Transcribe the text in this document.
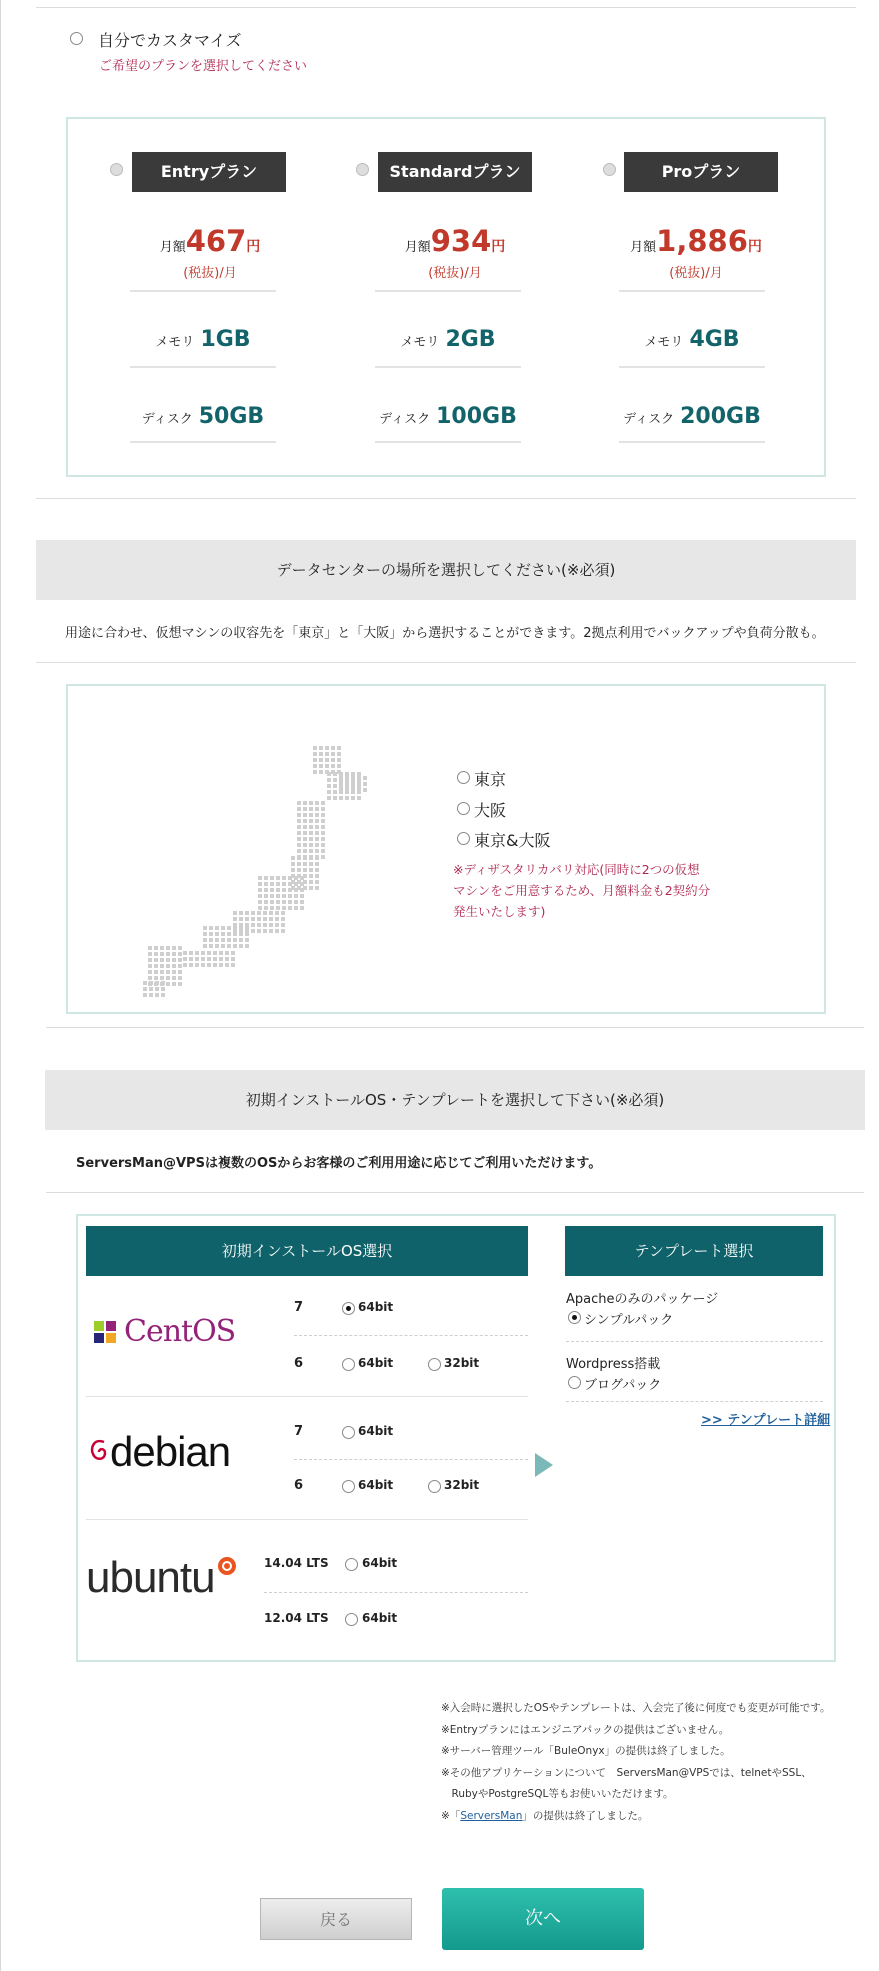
自分でカスタマイズ
ご希望のプランを選択してください
Entryプラン
月額467円
(税抜)/月
メモリ 1GB
ディスク 50GB
Standardプラン
月額934円
(税抜)/月
メモリ 2GB
ディスク 100GB
Proプラン
月額1,886円
(税抜)/月
メモリ 4GB
ディスク 200GB
データセンターの場所を選択してください(※必須)
用途に合わせ、仮想マシンの収容先を「東京」と「大阪」から選択することができます。2拠点利用でバックアップや負荷分散も。
東京
大阪
東京&大阪
※ディザスタリカバリ対応(同時に2つの仮想
マシンをご用意するため、月額料金も2契約分
発生いたします)
初期インストールOS・テンプレートを選択して下さい(※必須)
ServersMan@VPSは複数のOSからお客様のご利用用途に応じてご利用いただけます。
初期インストールOS選択	テンプレート選択
CentOS
7	64bit
6	64bit	32bit
debian	7	64bit
6	64bit	32bit
ubuntu	14.04 LTS	64bit
12.04 LTS	64bit
Apacheのみのパッケージ
シンプルパック
Wordpress搭載
ブログパック
>> テンプレート詳細
※入会時に選択したOSやテンプレートは、入会完了後に何度でも変更が可能です。
※Entryプランにはエンジニアパックの提供はございません。
※サーバー管理ツール「BuleOnyx」の提供は終了しました。
※その他アプリケーションについて　ServersMan@VPSでは、telnetやSSL、
　RubyやPostgreSQL等もお使いいただけます。
※「ServersMan」の提供は終了しました。
戻る	次へ
